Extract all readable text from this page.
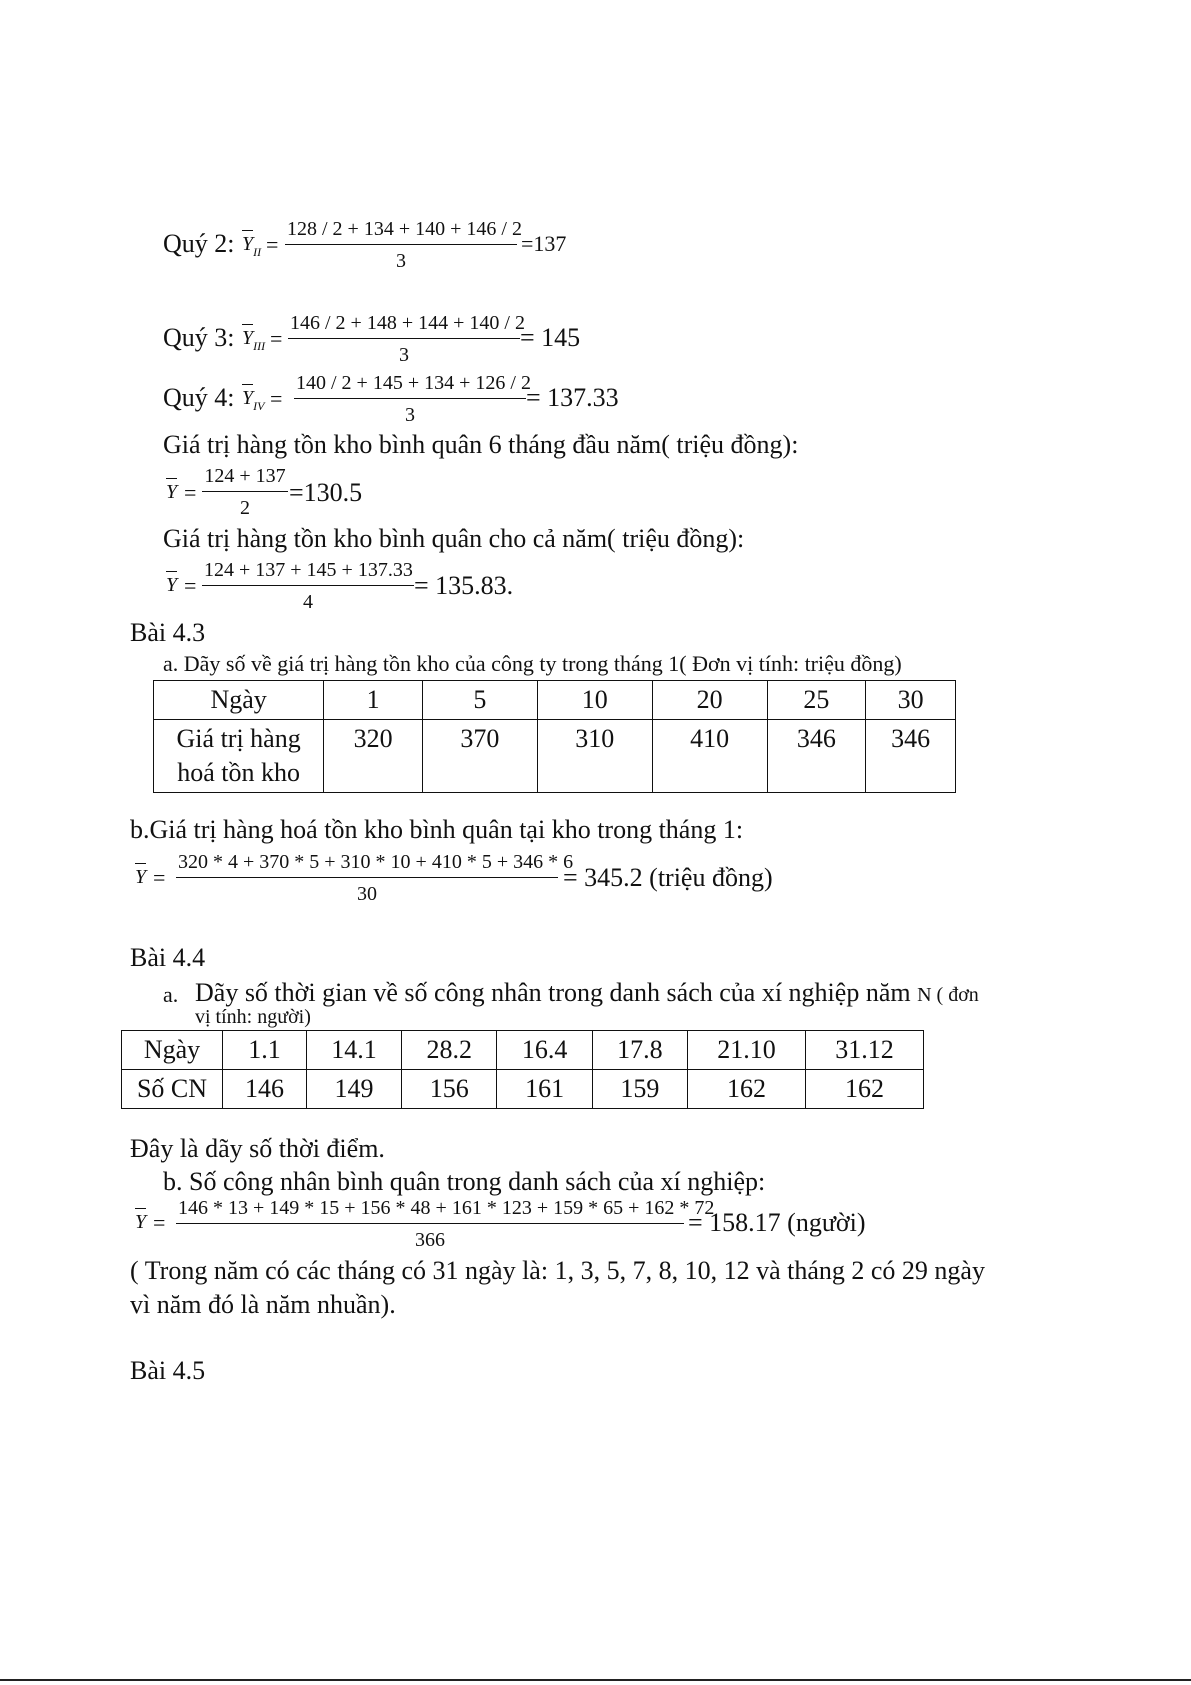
Quý 2: $Y_{II} = \frac{128 / 2 + 134 + 140 + 146 / 2}{3} =137$
Quý 3: $Y_{III} = \frac{146 / 2 + 148 + 144 + 140 / 2}{3} = 145$
Quý 4: $Y_{IV} = \frac{140 / 2 + 145 + 134 + 126 / 2}{3} = 137.33$
Giá trị hàng tồn kho bình quân 6 tháng đầu năm( triệu đồng):
$Y = \frac{124 + 137}{2} =130.5$
Giá trị hàng tồn kho bình quân cho cả năm( triệu đồng):
$Y = \frac{124 + 137 + 145 + 137.33}{4} = 135.83$.
Bài 4.3
a. Dãy số về giá trị hàng tồn kho của công ty trong tháng 1( Đơn vị tính: triệu đồng)
Ngày	1	5	10	20	25	30

Giá trị hàng
hoá tồn kho	320	370	310	410	346	346
b.Giá trị hàng hoá tồn kho bình quân tại kho trong tháng 1:
$Y = \frac{320 * 4 + 370 * 5 + 310 * 10 + 410 * 5 + 346 * 6}{30} = 345.2$ (triệu đồng)
Bài 4.4
a. Dãy số thời gian về số công nhân trong danh sách của xí nghiệp năm N ( đơn
vị tính: người)
Ngày	1.1	14.1	28.2	16.4	17.8	21.10	31.12
Số CN	146	149	156	161	159	162	162
Đây là dãy số thời điểm.
b. Số công nhân bình quân trong danh sách của xí nghiệp:
Y =
146 * 13 + 149 * 15 + 156 * 48 + 161 * 123 + 159 * 65 + 162 * 72
366
= 158.17 (người)
( Trong năm có các tháng có 31 ngày là: 1, 3, 5, 7, 8, 10, 12 và tháng 2 có 29 ngày
vì năm đó là năm nhuần).
Bài 4.5
